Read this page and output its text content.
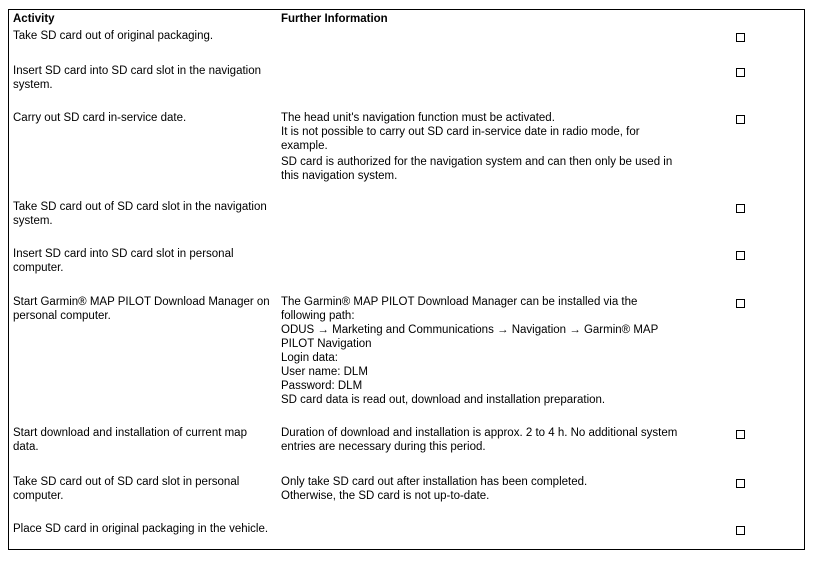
Activity	Further Information
Take SD card out of original packaging.
Insert SD card into SD card slot in the navigation system.
Carry out SD card in-service date.	The head unit's navigation function must be activated.
It is not possible to carry out SD card in-service date in radio mode, for example.
SD card is authorized for the navigation system and can then only be used in this navigation system.
Take SD card out of SD card slot in the navigation system.
Insert SD card into SD card slot in personal computer.
Start Garmin® MAP PILOT Download Manager on personal computer.
The Garmin® MAP PILOT Download Manager can be installed via the following path:
ODUS → Marketing and Communications → Navigation → Garmin® MAP PILOT Navigation
Login data:
User name: DLM
Password: DLM
SD card data is read out, download and installation preparation.
Start download and installation of current map data.
Duration of download and installation is approx. 2 to 4 h. No additional system entries are necessary during this period.
Take SD card out of SD card slot in personal computer.
Only take SD card out after installation has been completed.
Otherwise, the SD card is not up-to-date.
Place SD card in original packaging in the vehicle.
